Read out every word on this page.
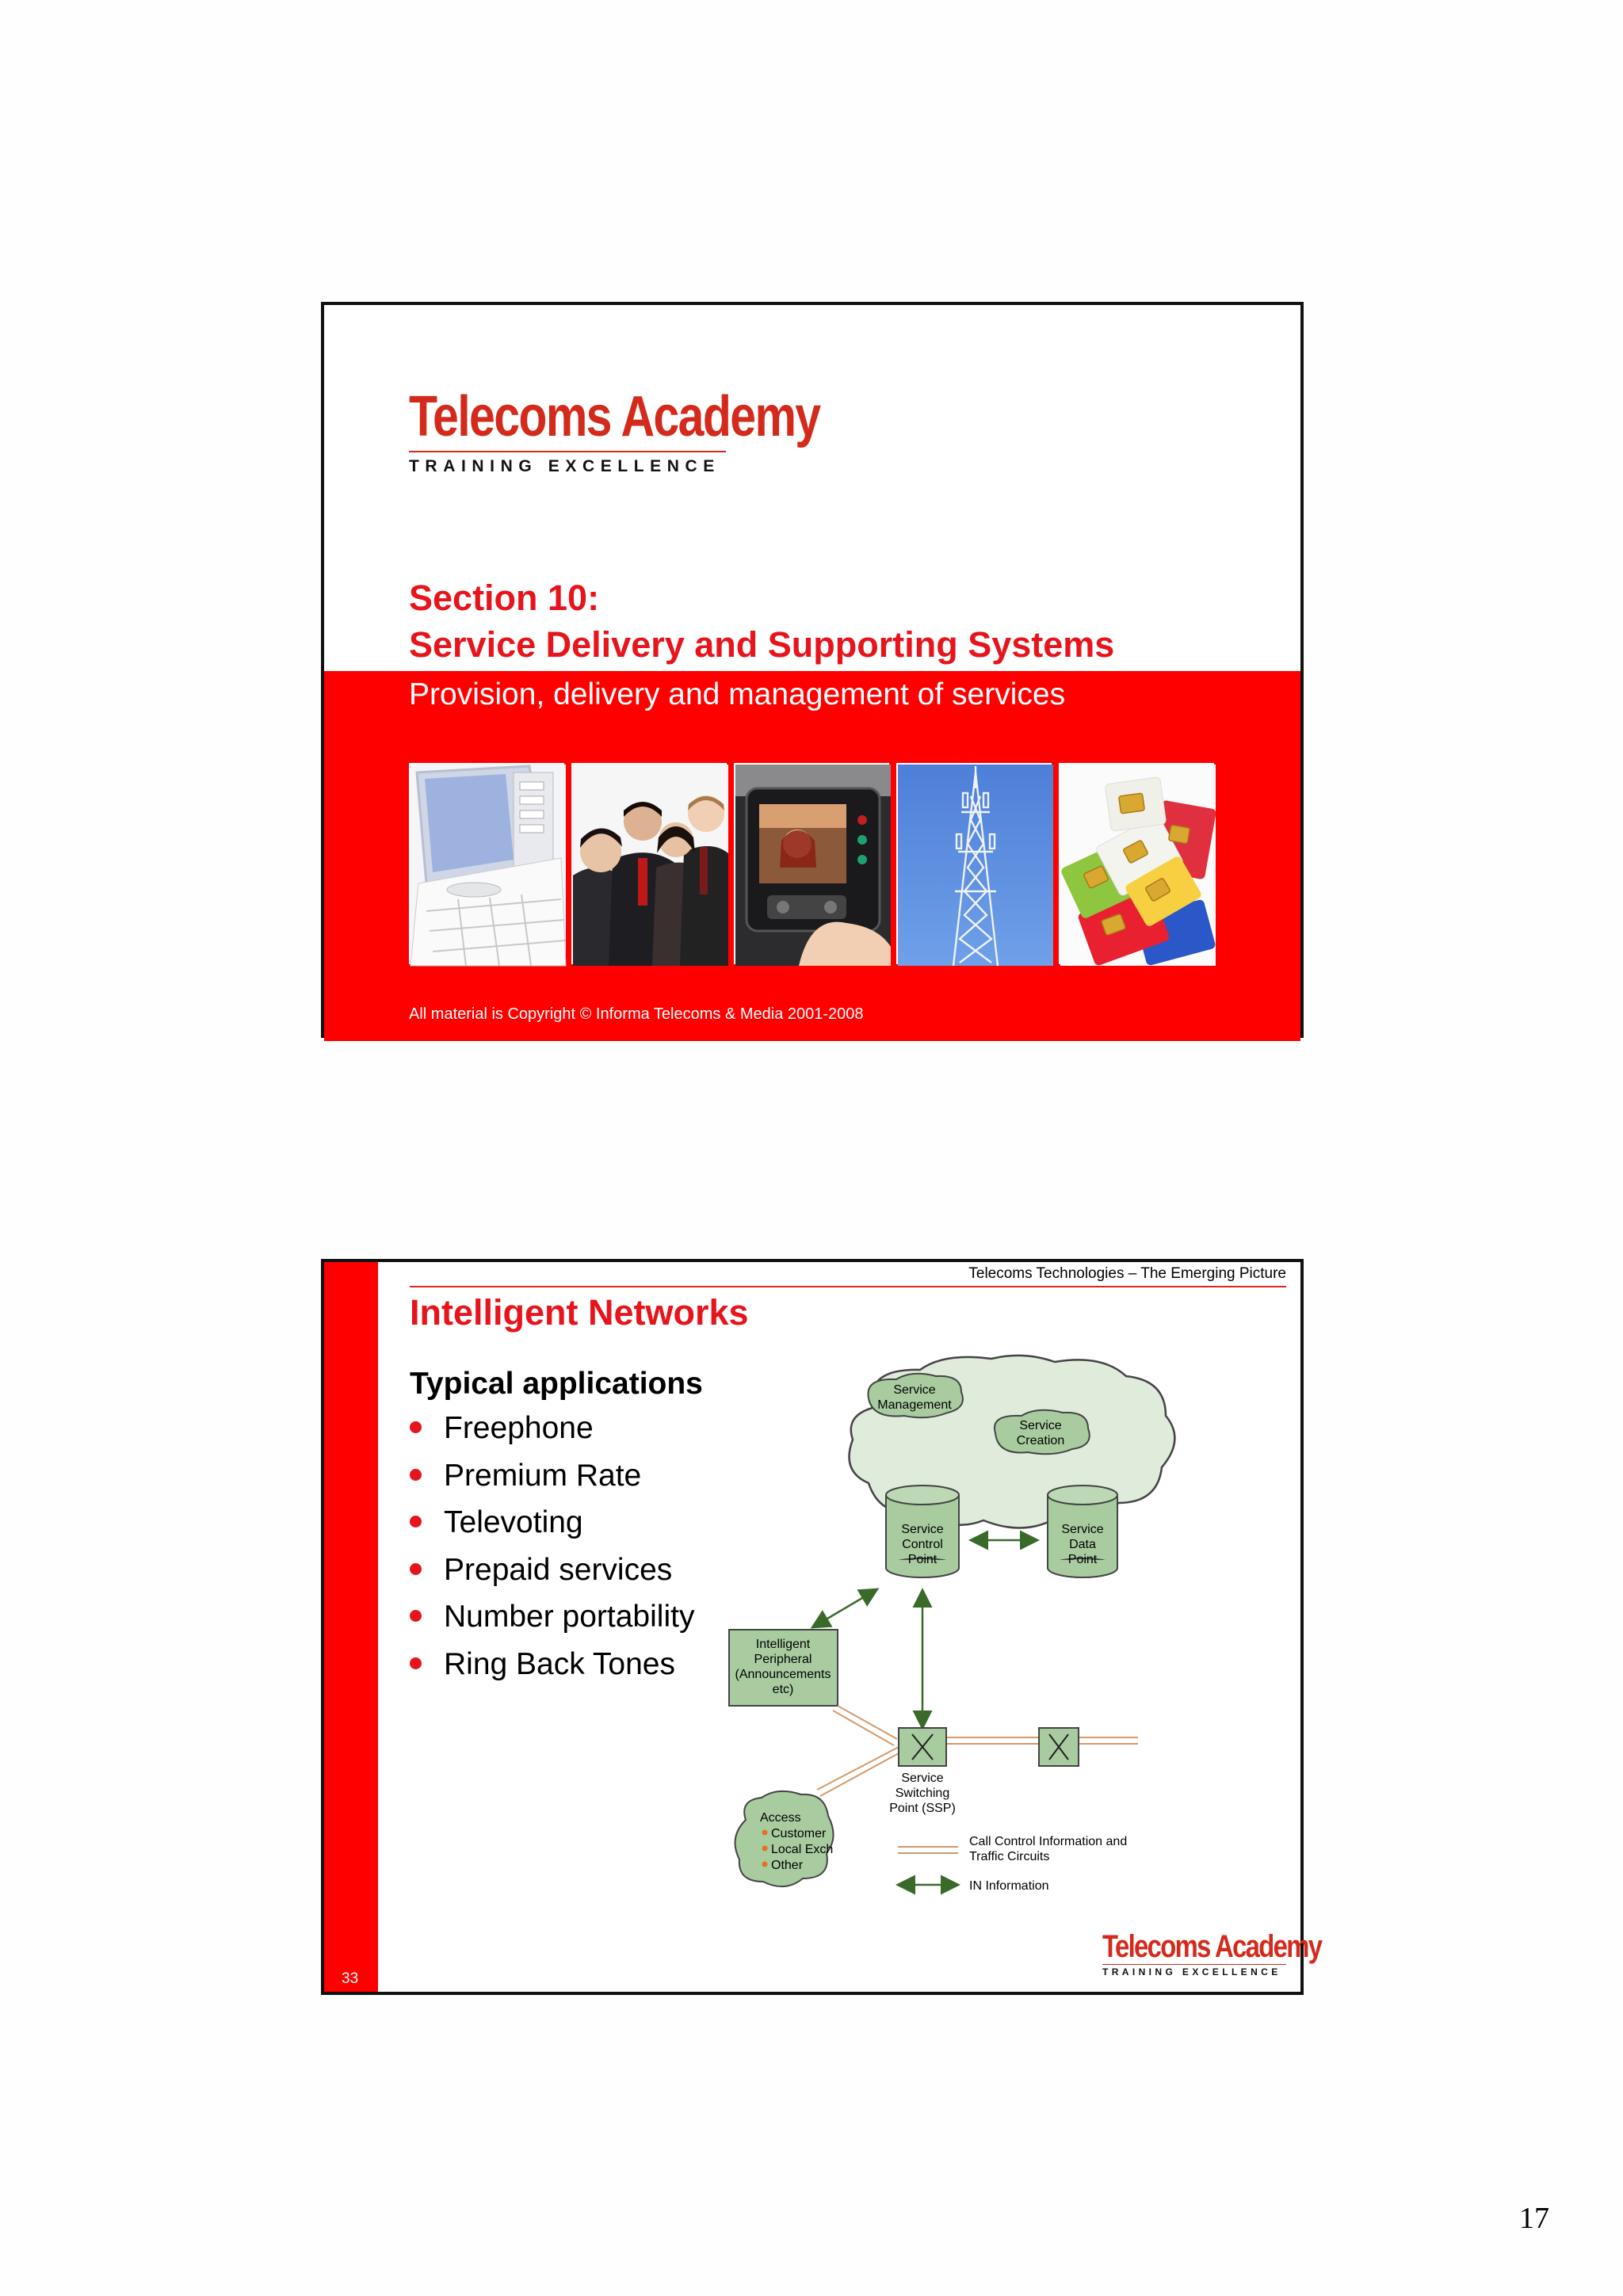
Telecoms Academy
TRAINING EXCELLENCE
Section 10:
Service Delivery and Supporting Systems
Provision, delivery and management of services
All material is Copyright © Informa Telecoms & Media 2001-2008
33
Telecoms Technologies – The Emerging Picture
Intelligent Networks
Typical applications
Freephone
Premium Rate
Televoting
Prepaid services
Number portability
Ring Back Tones
Service
Management
Service
Creation
Service
Control
Point
Service
Data
Point
Intelligent
Peripheral
(Announcements
etc)
Service
Switching
Point (SSP)
Access
Customer
Local Exch
Other
Call Control Information and
Traffic Circuits
IN Information
Telecoms Academy
TRAINING EXCELLENCE
17
